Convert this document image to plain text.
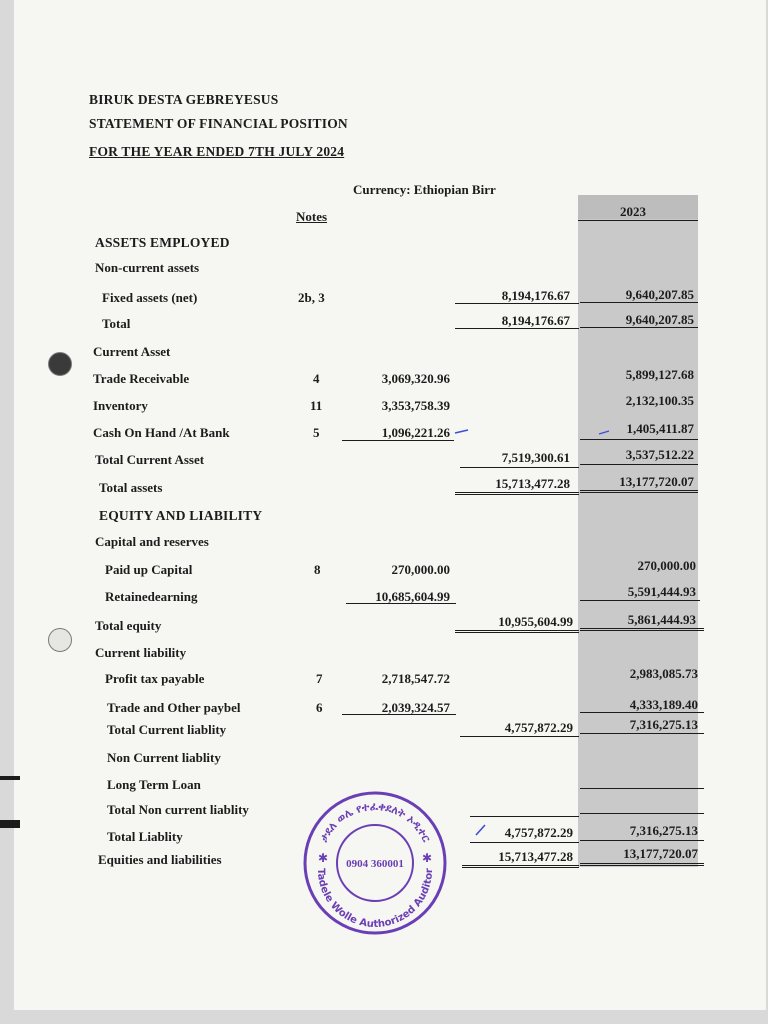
BIRUK DESTA GEBREYESUS
STATEMENT OF FINANCIAL POSITION
FOR THE YEAR ENDED 7TH JULY 2024
Currency: Ethiopian Birr
Notes	2023
ASSETS EMPLOYED
Non-current assets
Fixed assets (net)
Total
Current Asset
Trade Receivable
Inventory
Cash On Hand /At Bank
Total Current Asset
Total assets
EQUITY AND LIABILITY
Capital and reserves
Paid up Capital
Retainedearning
Total equity
Current liability
Profit tax payable
Trade and Other paybel
Total Current liablity
Non Current liablity
Long Term Loan
Total Non current liablity
Total Liablity
Equities and liabilities
2b, 3
4
11
5
8
7
6
3,069,320.96
3,353,758.39
1,096,221.26
270,000.00
10,685,604.99
2,718,547.72
2,039,324.57
8,194,176.67
8,194,176.67
7,519,300.61
15,713,477.28
10,955,604.99
4,757,872.29
4,757,872.29
15,713,477.28
9,640,207.85
9,640,207.85
5,899,127.68
2,132,100.35
1,405,411.87
3,537,512.22
13,177,720.07
270,000.00
5,591,444.93
5,861,444.93
2,983,085.73
4,333,189.40
7,316,275.13
7,316,275.13
13,177,720.07
ታደለ ወሌ የተፈቀደለት ኦዲተር
Tadele Wolle Authorized Auditor
0904 360001
✱	✱
